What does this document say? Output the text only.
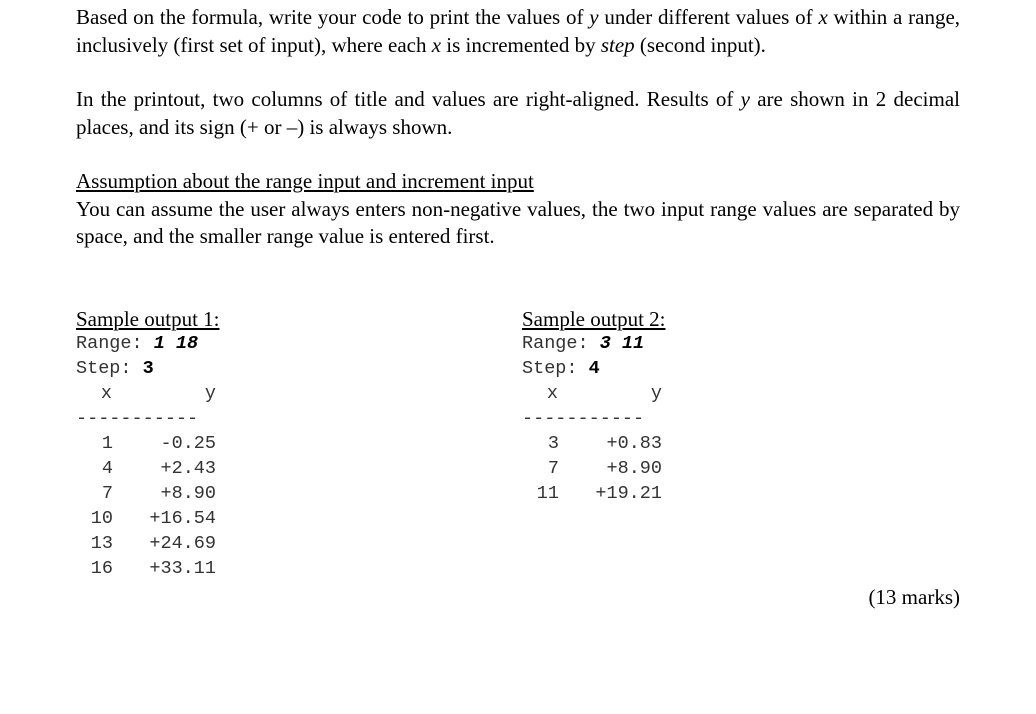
Based on the formula, write your code to print the values of y under different values of x within a range, inclusively (first set of input), where each x is incremented by step (second input).

In the printout, two columns of title and values are right-aligned. Results of y are shown in 2 decimal places, and its sign (+ or –) is always shown.

Assumption about the range input and increment input

You can assume the user always enters non-negative values, the two input range values are separated by space, and the smaller range value is entered first.

Sample output 1:
Range: 1 18
Step: 3
x	y
-----------
1	-0.25
4	+2.43
7	+8.90
10	+16.54
13	+24.69
16	+33.11
Sample output 2:
Range: 3 11
Step: 4
x	y
-----------
3	+0.83
7	+8.90
11	+19.21
(13 marks)
